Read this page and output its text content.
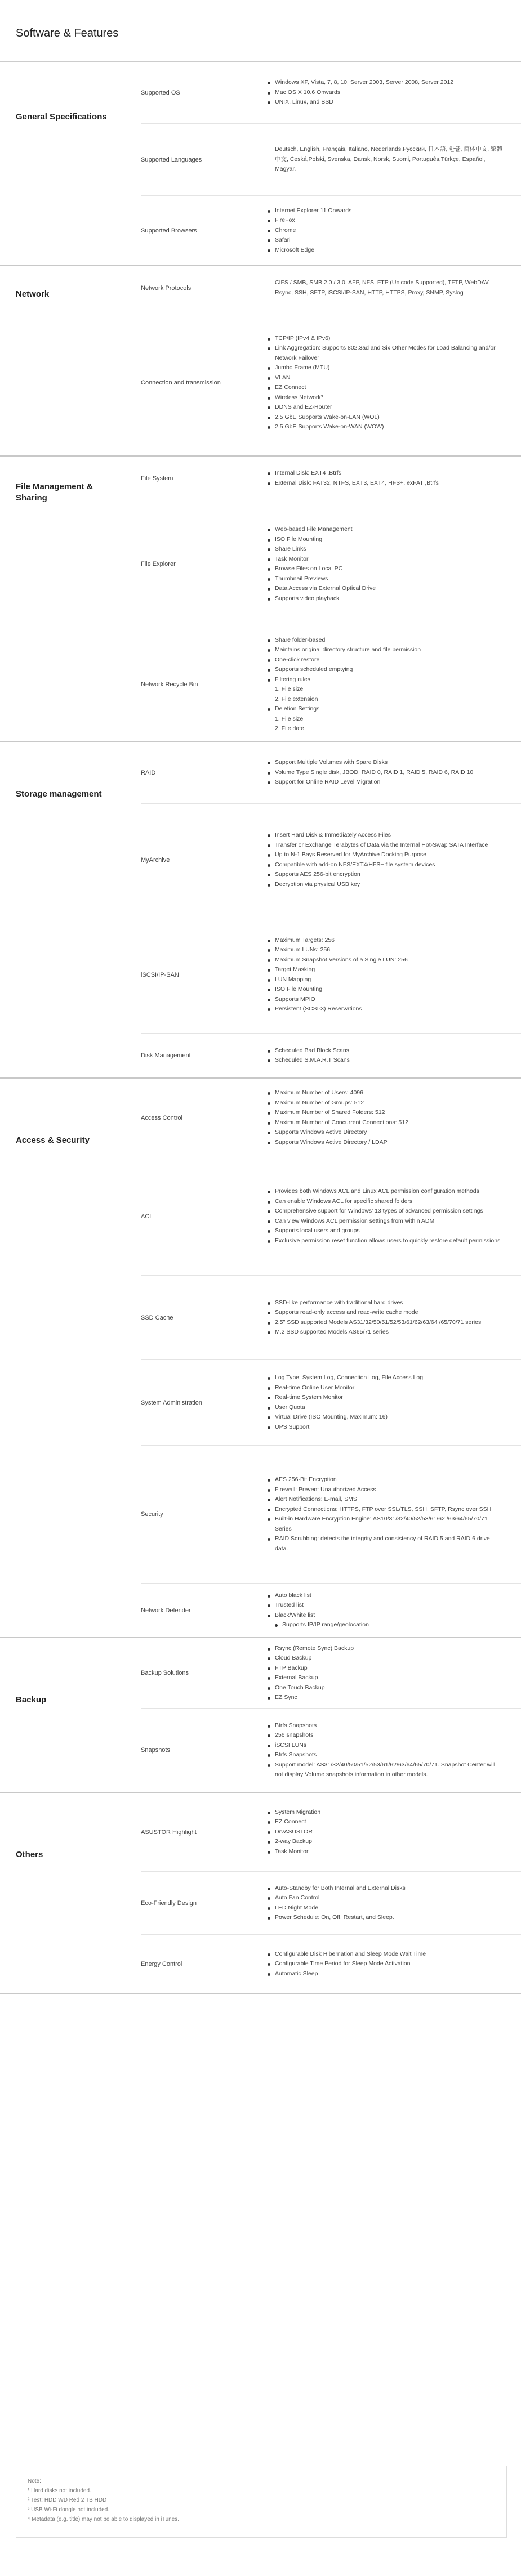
Software & Features
General Specifications
Supported OS
Windows XP, Vista, 7, 8, 10, Server 2003, Server 2008, Server 2012
Mac OS X 10.6 Onwards
UNIX, Linux, and BSD
Supported Languages
Deutsch, English, Français, Italiano, Nederlands,Русский, 日本語, 한글, 简体中文, 繁體中文, Česká,Polski, Svenska, Dansk, Norsk, Suomi, Português,Türkçe, Español, Magyar.
Supported Browsers
Internet Explorer 11 Onwards
FireFox
Chrome
Safari
Microsoft Edge
Network
Network Protocols
CIFS / SMB, SMB 2.0 / 3.0, AFP, NFS, FTP (Unicode Supported), TFTP, WebDAV, Rsync, SSH, SFTP, iSCSI/IP-SAN, HTTP, HTTPS, Proxy, SNMP, Syslog
Connection and transmission
TCP/IP (IPv4 & IPv6)
Link Aggregation: Supports 802.3ad and Six Other Modes for Load Balancing and/or Network Failover
Jumbo Frame (MTU)
VLAN
EZ Connect
Wireless Network³
DDNS and EZ-Router
2.5 GbE Supports Wake-on-LAN (WOL)
2.5 GbE Supports Wake-on-WAN (WOW)
File Management & Sharing
File System
Internal Disk: EXT4 ,Btrfs
External Disk: FAT32, NTFS, EXT3, EXT4, HFS+, exFAT ,Btrfs
File Explorer
Web-based File Management
ISO File Mounting
Share Links
Task Monitor
Browse Files on Local PC
Thumbnail Previews
Data Access via External Optical Drive
Supports video playback
Network Recycle Bin
Share folder-based
Maintains original directory structure and file permission
One-click restore
Supports scheduled emptying
Filtering rules
1. File size
2. File extension
Deletion Settings
1. File size
2. File date
Storage management
RAID
Support Multiple Volumes with Spare Disks
Volume Type Single disk, JBOD, RAID 0, RAID 1, RAID 5, RAID 6, RAID 10
Support for Online RAID Level Migration
MyArchive
Insert Hard Disk & Immediately Access Files
Transfer or Exchange Terabytes of Data via the Internal Hot-Swap SATA Interface
Up to N-1 Bays Reserved for MyArchive Docking Purpose
Compatible with add-on NFS/EXT4/HFS+ file system devices
Supports AES 256-bit encryption
Decryption via physical USB key
iSCSI/IP-SAN
Maximum Targets: 256
Maximum LUNs: 256
Maximum Snapshot Versions of a Single LUN: 256
Target Masking
LUN Mapping
ISO File Mounting
Supports MPIO
Persistent (SCSI-3) Reservations
Disk Management
Scheduled Bad Block Scans
Scheduled S.M.A.R.T Scans
Access & Security
Access Control
Maximum Number of Users: 4096
Maximum Number of Groups: 512
Maximum Number of Shared Folders: 512
Maximum Number of Concurrent Connections: 512
Supports Windows Active Directory
Supports Windows Active Directory / LDAP
ACL
Provides both Windows ACL and Linux ACL permission configuration methods
Can enable Windows ACL for specific shared folders
Comprehensive support for Windows' 13 types of advanced permission settings
Can view Windows ACL permission settings from within ADM
Supports local users and groups
Exclusive permission reset function allows users to quickly restore default permissions
SSD Cache
SSD-like performance with traditional hard drives
Supports read-only access and read-write cache mode
2.5" SSD supported Models AS31/32/50/51/52/53/61/62/63/64 /65/70/71 series
M.2 SSD supported Models AS65/71 series
System Administration
Log Type: System Log, Connection Log, File Access Log
Real-time Online User Monitor
Real-time System Monitor
User Quota
Virtual Drive (ISO Mounting, Maximum: 16)
UPS Support
Security
AES 256-Bit Encryption
Firewall: Prevent Unauthorized Access
Alert Notifications: E-mail, SMS
Encrypted Connections: HTTPS, FTP over SSL/TLS, SSH, SFTP, Rsync over SSH
Built-in Hardware Encryption Engine: AS10/31/32/40/52/53/61/62 /63/64/65/70/71 Series
RAID Scrubbing: detects the integrity and consistency of RAID 5 and RAID 6 drive data.
Network Defender
Auto black list
Trusted list
Black/White list
Supports IP/IP range/geolocation
Backup
Backup Solutions
Rsync (Remote Sync) Backup
Cloud Backup
FTP Backup
External Backup
One Touch Backup
EZ Sync
Snapshots
Btrfs Snapshots
256 snapshots
iSCSI LUNs
Btrfs Snapshots
Support model: AS31/32/40/50/51/52/53/61/62/63/64/65/70/71. Snapshot Center will not display Volume snapshots information in other models.
Others
ASUSTOR Highlight
System Migration
EZ Connect
DrvASUSTOR
2-way Backup
Task Monitor
Eco-Friendly Design
Auto-Standby for Both Internal and External Disks
Auto Fan Control
LED Night Mode
Power Schedule: On, Off, Restart, and Sleep.
Energy Control
Configurable Disk Hibernation and Sleep Mode Wait Time
Configurable Time Period for Sleep Mode Activation
Automatic Sleep
Note:
¹ Hard disks not included.
² Test: HDD WD Red 2 TB HDD
³ USB Wi-Fi dongle not included.
⁴ Metadata (e.g. title) may not be able to displayed in iTunes.
